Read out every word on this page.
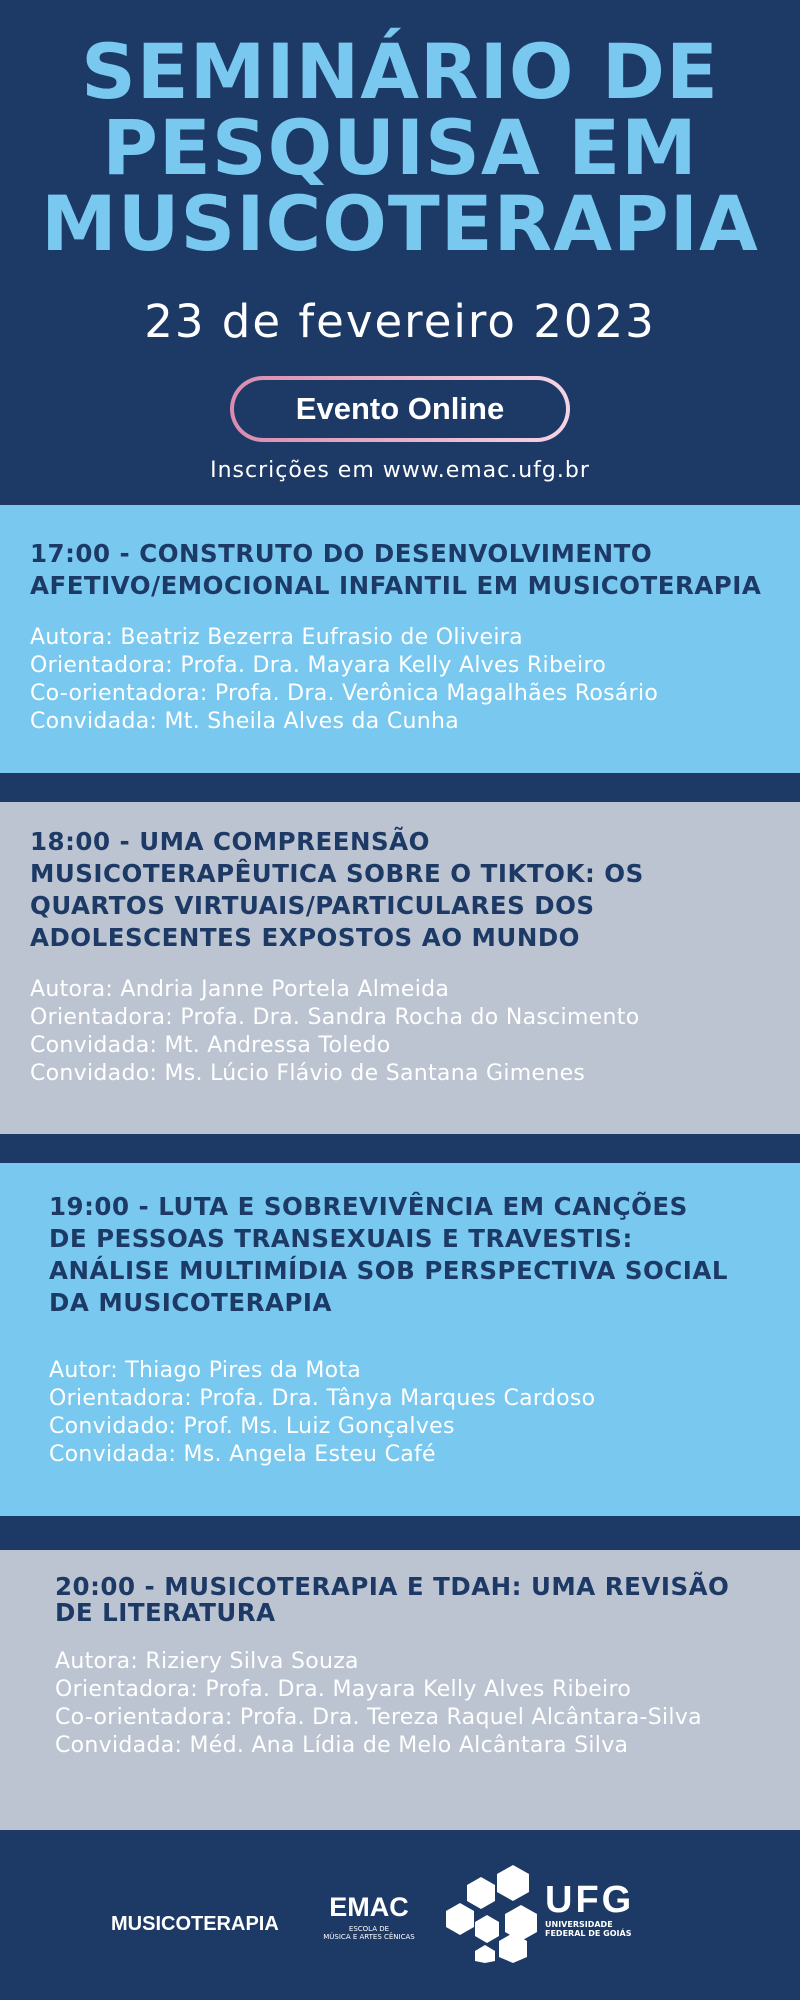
SEMINÁRIO DE
PESQUISA EM
MUSICOTERAPIA
23 de fevereiro 2023
Evento Online
Inscrições em www.emac.ufg.br
17:00 - CONSTRUTO DO DESENVOLVIMENTO AFETIVO/EMOCIONAL INFANTIL EM MUSICOTERAPIA
Autora: Beatriz Bezerra Eufrasio de Oliveira
Orientadora: Profa. Dra. Mayara Kelly Alves Ribeiro
Co-orientadora: Profa. Dra. Verônica Magalhães Rosário
Convidada: Mt. Sheila Alves da Cunha
18:00 - UMA COMPREENSÃO MUSICOTERAPÊUTICA SOBRE O TIKTOK: OS QUARTOS VIRTUAIS/PARTICULARES DOS ADOLESCENTES EXPOSTOS AO MUNDO
Autora: Andria Janne Portela Almeida
Orientadora: Profa. Dra. Sandra Rocha do Nascimento
Convidada: Mt. Andressa Toledo
Convidado: Ms. Lúcio Flávio de Santana Gimenes
19:00 - LUTA E SOBREVIVÊNCIA EM CANÇÕES DE PESSOAS TRANSEXUAIS E TRAVESTIS: ANÁLISE MULTIMÍDIA SOB PERSPECTIVA SOCIAL DA MUSICOTERAPIA
Autor: Thiago Pires da Mota
Orientadora: Profa. Dra. Tânya Marques Cardoso
Convidado: Prof. Ms. Luiz Gonçalves
Convidada: Ms. Angela Esteu Café
20:00 - MUSICOTERAPIA E TDAH: UMA REVISÃO DE LITERATURA
Autora: Riziery Silva Souza
Orientadora: Profa. Dra. Mayara Kelly Alves Ribeiro
Co-orientadora: Profa. Dra. Tereza Raquel Alcântara-Silva
Convidada: Méd. Ana Lídia de Melo Alcântara Silva
MUSICOTERAPIA
EMAC
ESCOLA DE
MÚSICA E ARTES CÊNICAS
UFG
UNIVERSIDADE
FEDERAL DE GOIÁS
